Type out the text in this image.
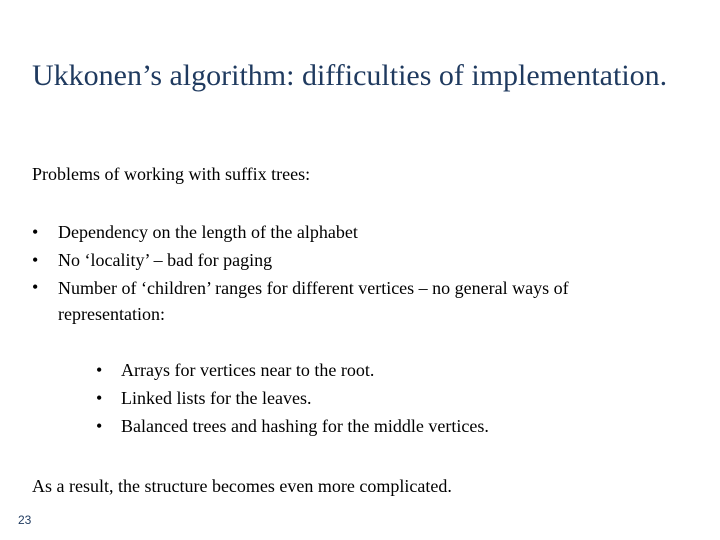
Ukkonen’s algorithm: difficulties of implementation.

Problems of working with suffix trees:

• Dependency on the length of the alphabet
• No ‘locality’ – bad for paging
• Number of ‘children’ ranges for different vertices – no general ways of representation:
• Arrays for vertices near to the root.
• Linked lists for the leaves.
• Balanced trees and hashing for the middle vertices.

As a result, the structure becomes even more complicated.

23
